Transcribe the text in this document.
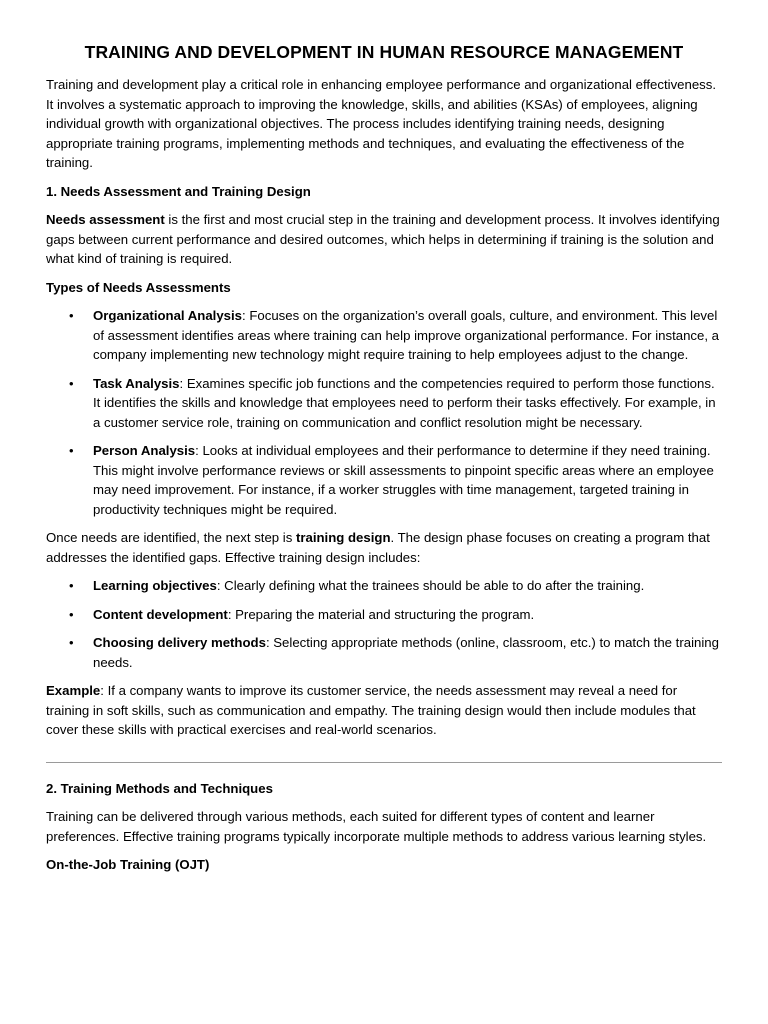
TRAINING AND DEVELOPMENT IN HUMAN RESOURCE MANAGEMENT

Training and development play a critical role in enhancing employee performance and organizational effectiveness. It involves a systematic approach to improving the knowledge, skills, and abilities (KSAs) of employees, aligning individual growth with organizational objectives. The process includes identifying training needs, designing appropriate training programs, implementing methods and techniques, and evaluating the effectiveness of the training.

1. Needs Assessment and Training Design

Needs assessment is the first and most crucial step in the training and development process. It involves identifying gaps between current performance and desired outcomes, which helps in determining if training is the solution and what kind of training is required.

Types of Needs Assessments

• Organizational Analysis: Focuses on the organization’s overall goals, culture, and environment. This level of assessment identifies areas where training can help improve organizational performance. For instance, a company implementing new technology might require training to help employees adjust to the change.
• Task Analysis: Examines specific job functions and the competencies required to perform those functions. It identifies the skills and knowledge that employees need to perform their tasks effectively. For example, in a customer service role, training on communication and conflict resolution might be necessary.
• Person Analysis: Looks at individual employees and their performance to determine if they need training. This might involve performance reviews or skill assessments to pinpoint specific areas where an employee may need improvement. For instance, if a worker struggles with time management, targeted training in productivity techniques might be required.

Once needs are identified, the next step is training design. The design phase focuses on creating a program that addresses the identified gaps. Effective training design includes:

• Learning objectives: Clearly defining what the trainees should be able to do after the training.
• Content development: Preparing the material and structuring the program.
• Choosing delivery methods: Selecting appropriate methods (online, classroom, etc.) to match the training needs.

Example: If a company wants to improve its customer service, the needs assessment may reveal a need for training in soft skills, such as communication and empathy. The training design would then include modules that cover these skills with practical exercises and real-world scenarios.

2. Training Methods and Techniques

Training can be delivered through various methods, each suited for different types of content and learner preferences. Effective training programs typically incorporate multiple methods to address various learning styles.

On-the-Job Training (OJT)
